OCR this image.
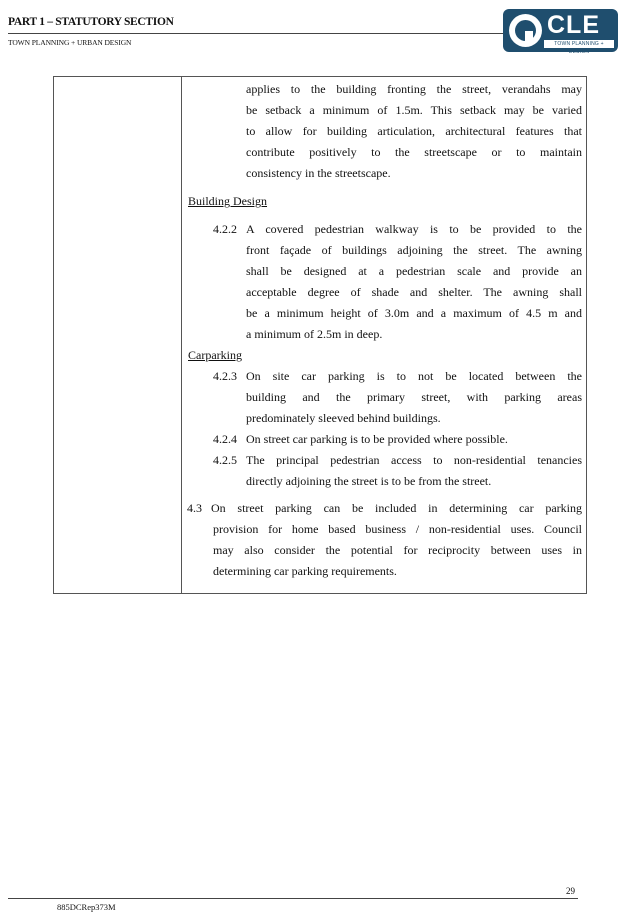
PART 1 – STATUTORY SECTION
TOWN PLANNING + URBAN DESIGN
CLE
TOWN PLANNING + DESIGN
applies to the building fronting the street, verandahs may
be setback a minimum of 1.5m. This setback may be varied
to allow for building articulation, architectural features that
contribute positively to the streetscape or to maintain
consistency in the streetscape.
Building Design
4.2.2 A covered pedestrian walkway is to be provided to the
front façade of buildings adjoining the street. The awning
shall be designed at a pedestrian scale and provide an
acceptable degree of shade and shelter. The awning shall
be a minimum height of 3.0m and a maximum of 4.5 m and
a minimum of 2.5m in deep.
Carparking
4.2.3 On site car parking is to not be located between the
building and the primary street, with parking areas
predominately sleeved behind buildings.
4.2.4 On street car parking is to be provided where possible.
4.2.5 The principal pedestrian access to non-residential tenancies
directly adjoining the street is to be from the street.
4.3 On street parking can be included in determining car parking
provision for home based business / non-residential uses. Council
may also consider the potential for reciprocity between uses in
determining car parking requirements.
29
885DCRep373M
